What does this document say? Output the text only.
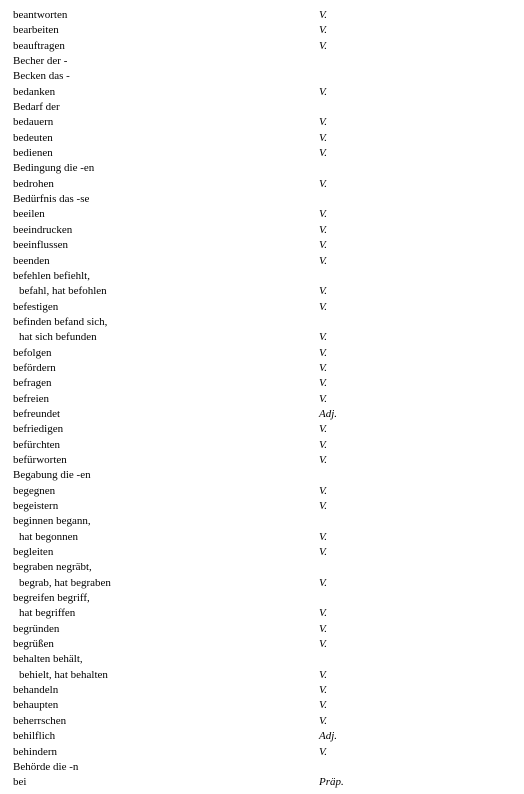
beantworten	V.
bearbeiten	V.
beauftragen	V.
Becher der -
Becken das -
bedanken	V.
Bedarf der
bedauern	V.
bedeuten	V.
bedienen	V.
Bedingung die -en
bedrohen	V.
Bedürfnis das -se
beeilen	V.
beeindrucken	V.
beeinflussen	V.
beenden	V.
befehlen befiehlt,
befahl, hat befohlen	V.
befestigen	V.
befinden befand sich,
hat sich befunden	V.
befolgen	V.
befördern	V.
befragen	V.
befreien	V.
befreundet	Adj.
befriedigen	V.
befürchten	V.
befürworten	V.
Begabung die -en
begegnen	V.
begeistern	V.
beginnen begann,
hat begonnen	V.
begleiten	V.
begraben negräbt,
begrab, hat begraben	V.
begreifen begriff,
hat begriffen	V.
begründen	V.
begrüßen	V.
behalten behält,
behielt, hat behalten	V.
behandeln	V.
behaupten	V.
beherrschen	V.
behilflich	Adj.
behindern	V.
Behörde die -n
bei	Präp.
